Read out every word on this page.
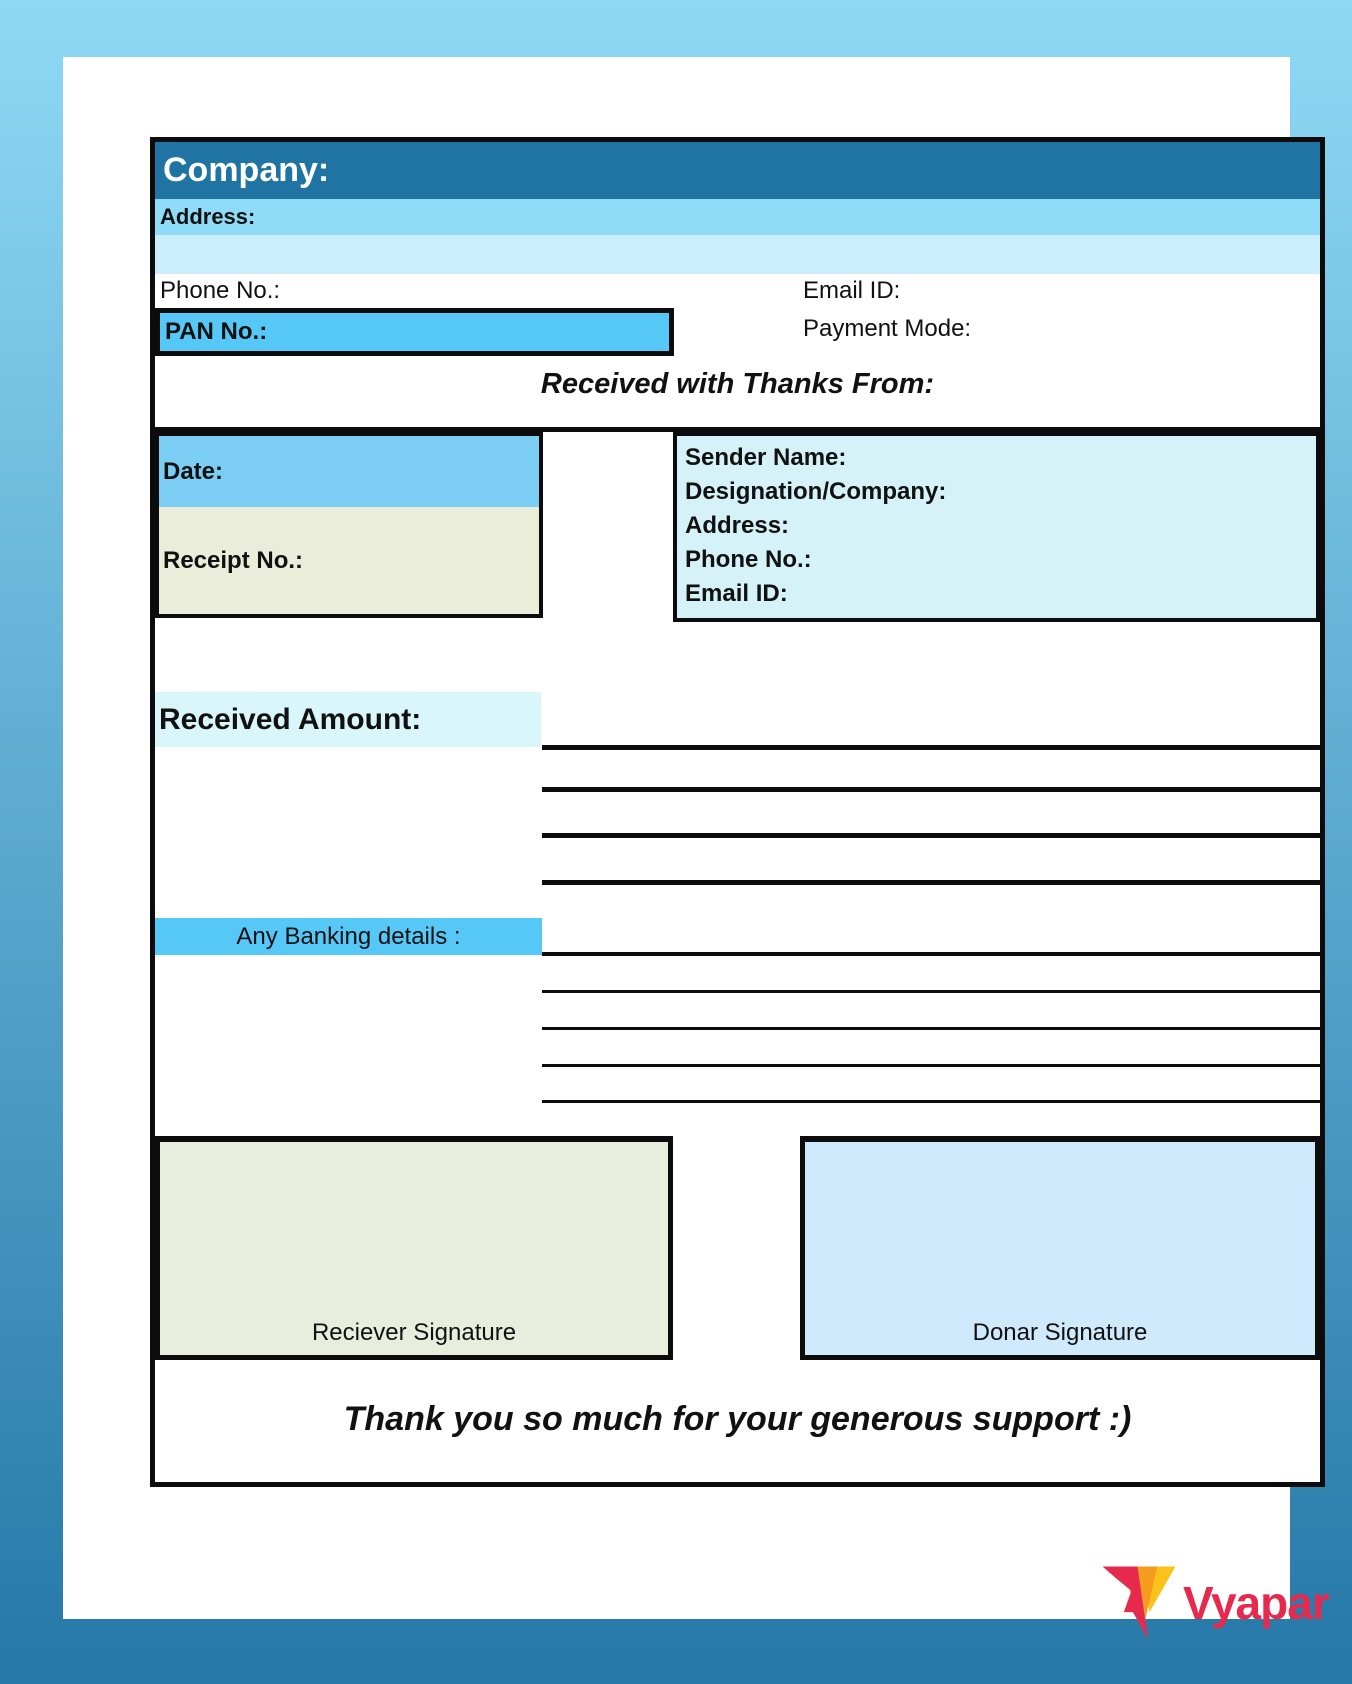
Company:
Address:
Phone No.:	Email ID:
PAN No.:	Payment Mode:
Received with Thanks From:
Date:
Receipt No.:
Sender Name:
Designation/Company:
Address:
Phone No.:
Email ID:
Received Amount:
Any Banking details :
Reciever Signature	Donar Signature
Thank you so much for your generous support :)
Vyapar
